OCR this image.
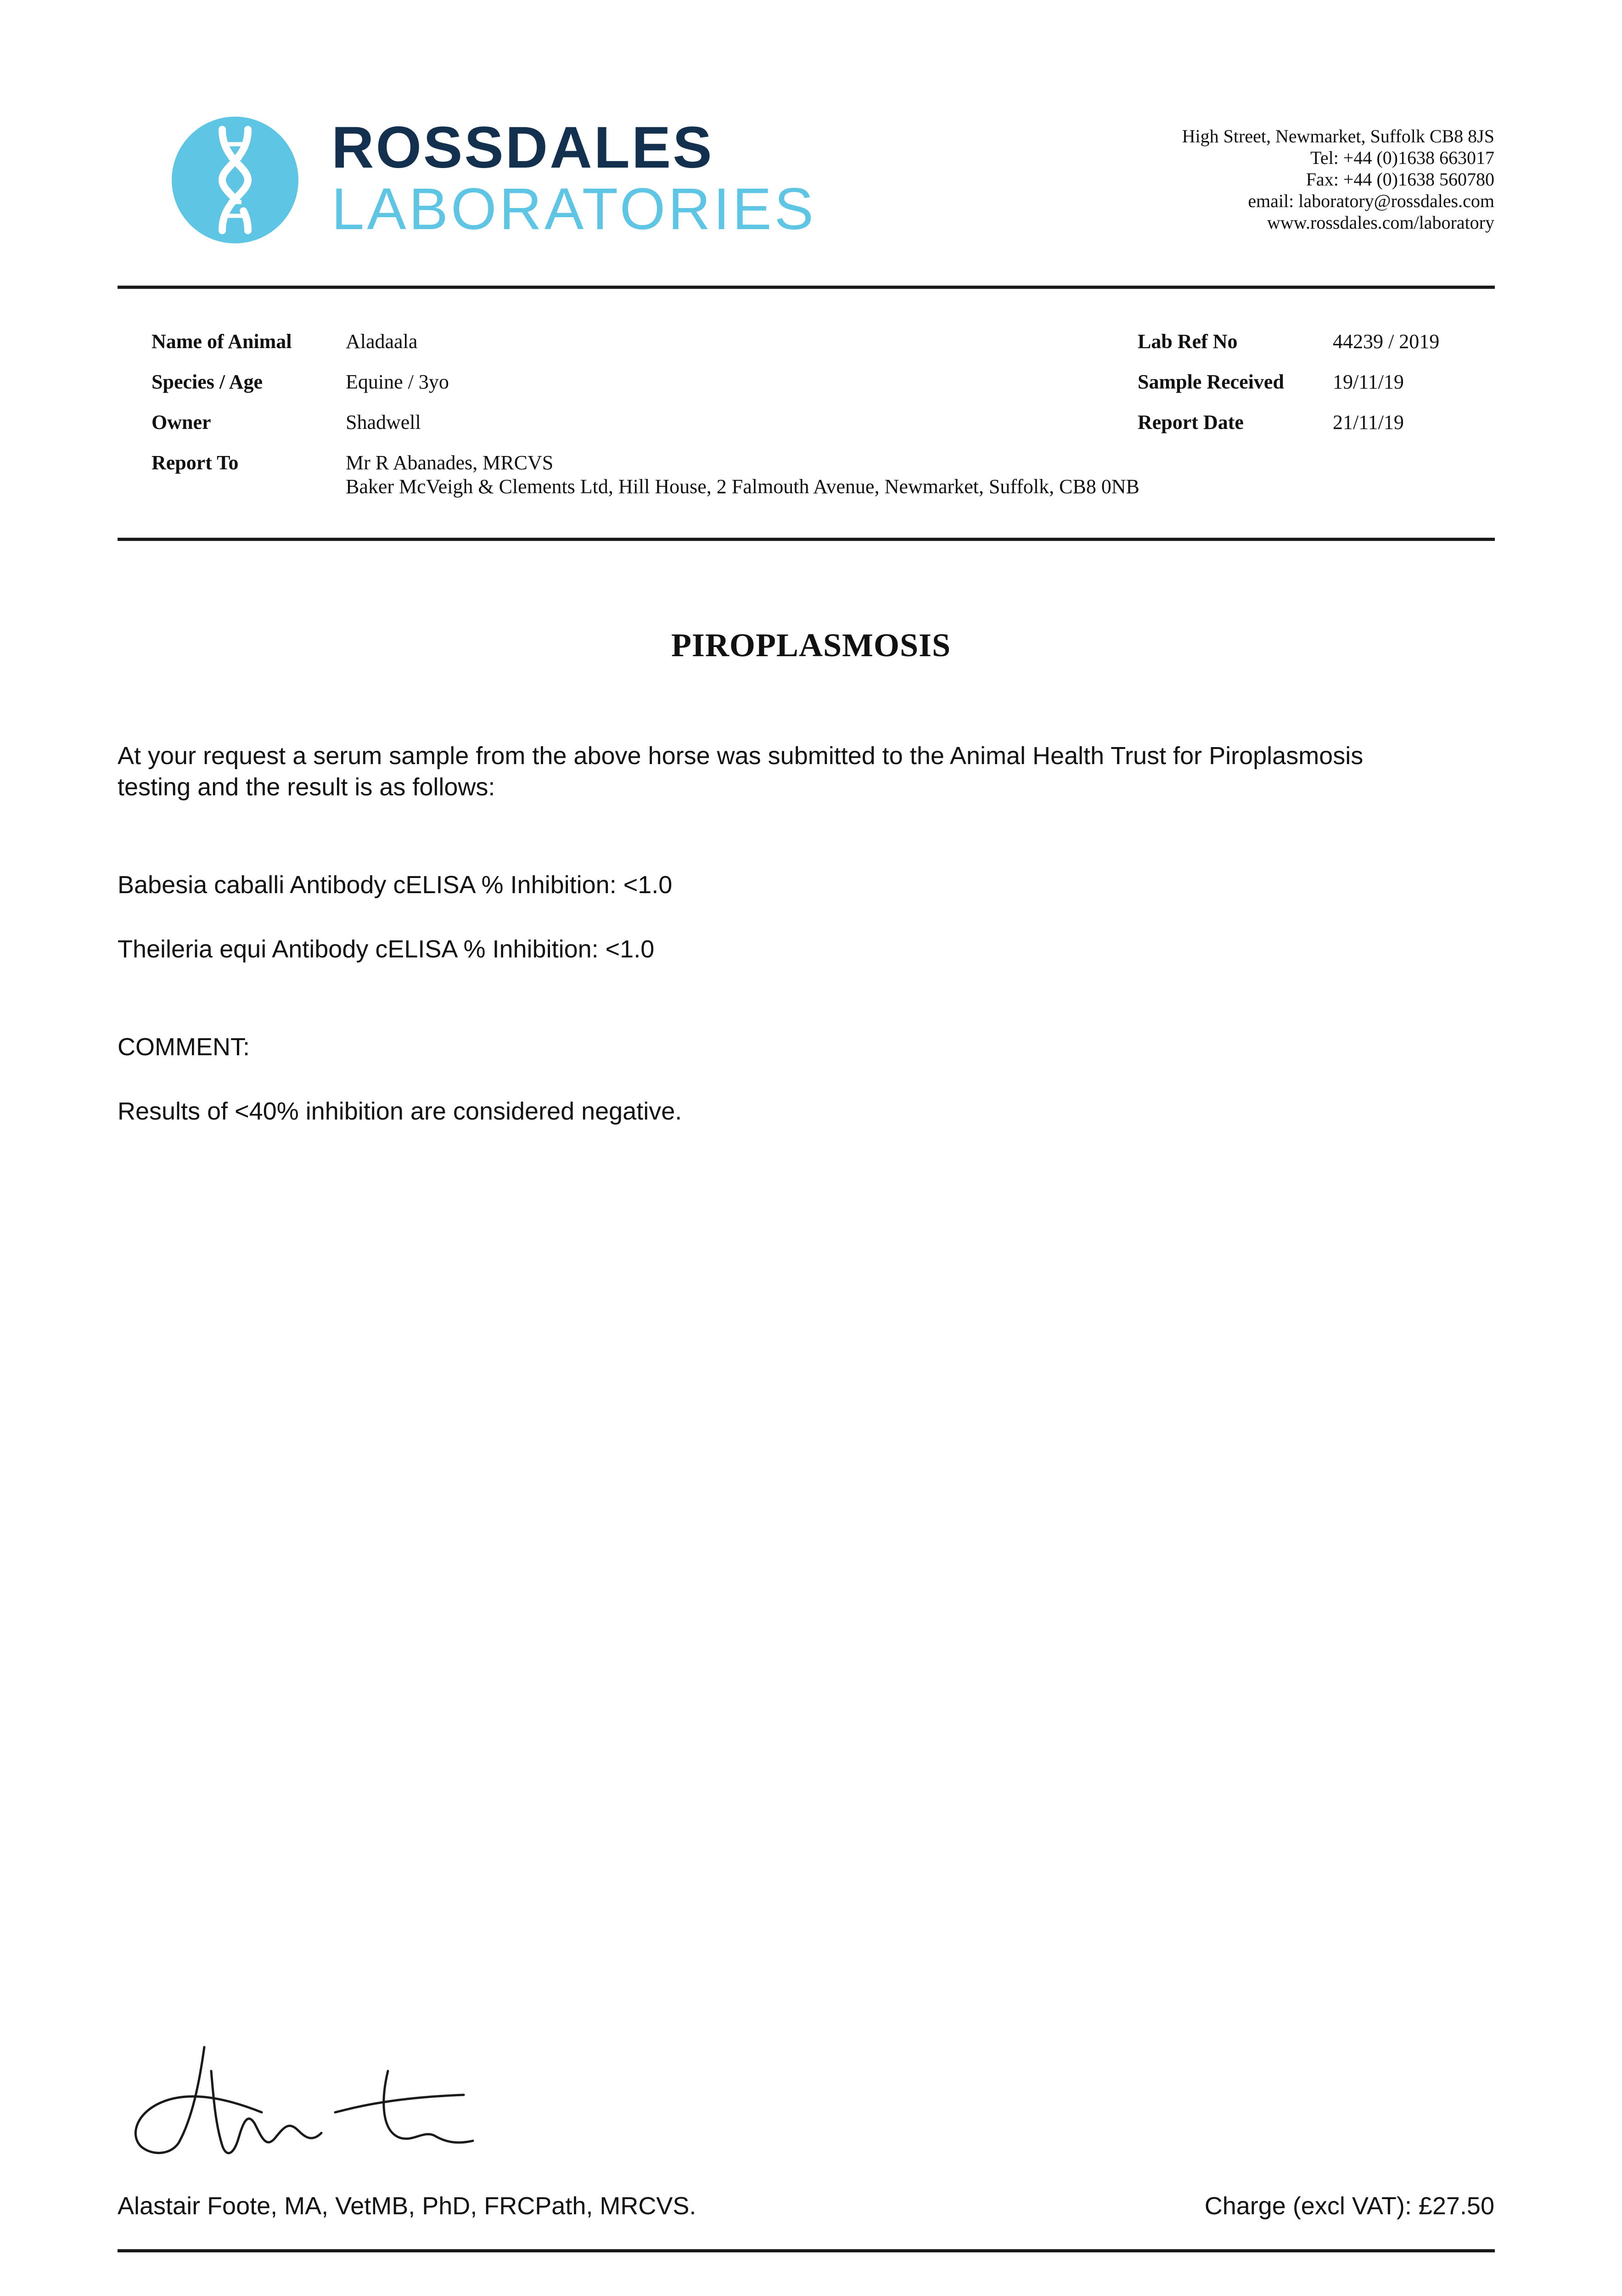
ROSSDALES
LABORATORIES
High Street, Newmarket, Suffolk CB8 8JS
Tel: +44 (0)1638 663017
Fax: +44 (0)1638 560780
email: laboratory@rossdales.com
www.rossdales.com/laboratory
Name of Animal	Aladaala
Species / Age	Equine / 3yo
Owner	Shadwell
Report To	Mr R Abanades, MRCVS
Baker McVeigh & Clements Ltd, Hill House, 2 Falmouth Avenue, Newmarket, Suffolk, CB8 0NB
Lab Ref No	44239 / 2019
Sample Received 19/11/19
Report Date	21/11/19
PIROPLASMOSIS
At your request a serum sample from the above horse was submitted to the Animal Health Trust for Piroplasmosis
testing and the result is as follows:
Babesia caballi Antibody cELISA % Inhibition: <1.0
Theileria equi Antibody cELISA % Inhibition: <1.0
COMMENT:
Results of <40% inhibition are considered negative.
Alastair Foote, MA, VetMB, PhD, FRCPath, MRCVS.	Charge (excl VAT): £27.50
